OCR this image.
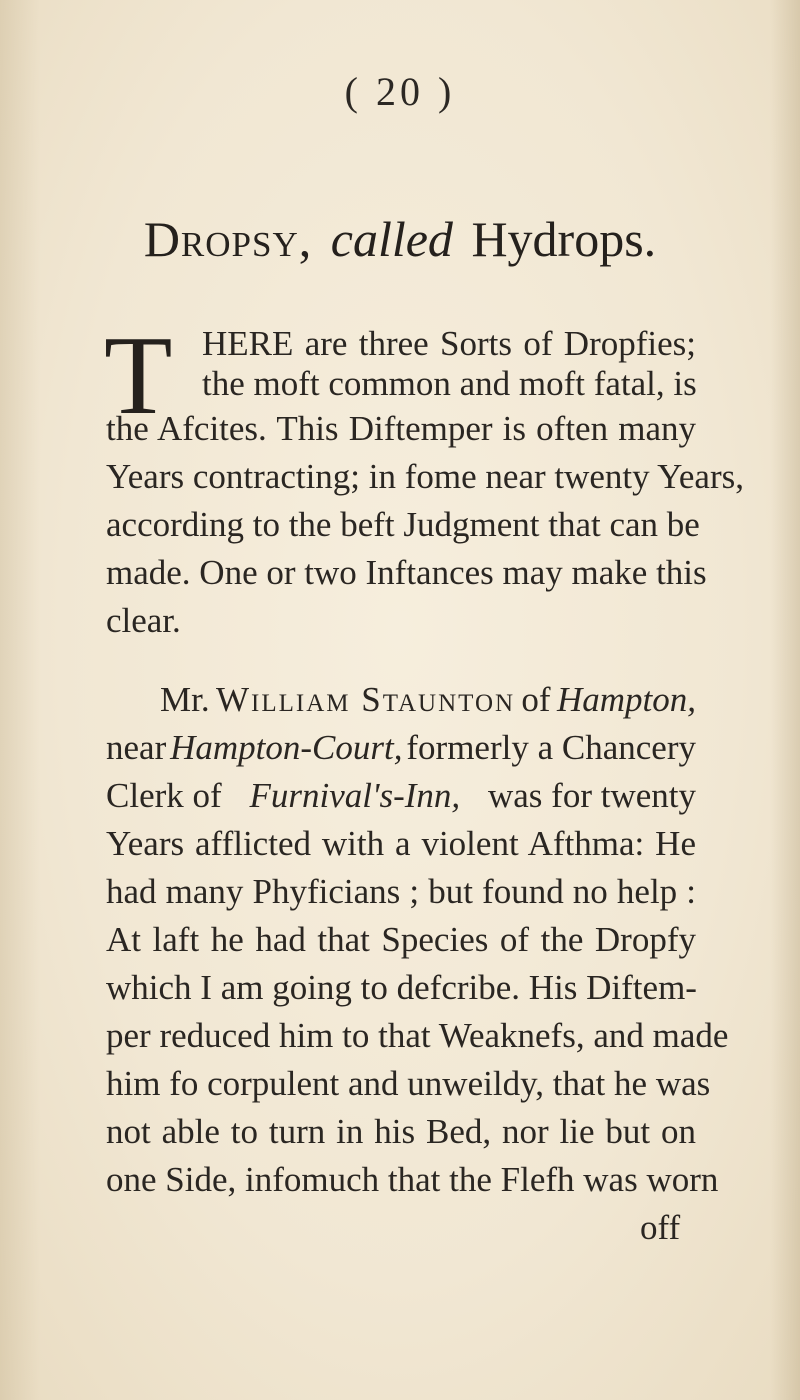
( 20 )
Dropsy, called Hydrops.
T HERE are three Sorts of Dropfies;
the moft common and moft fatal, is
the Afcites. This Diftemper is often many
Years contracting; in fome near twenty Years,
according to the beft Judgment that can be
made. One or two Inftances may make this
clear.
Mr. William Staunton of Hampton,
near Hampton-Court, formerly a Chancery
Clerk of Furnival's-Inn, was for twenty
Years afflicted with a violent Afthma: He
had many Phyficians ; but found no help :
At laft he had that Species of the Dropfy
which I am going to defcribe. His Diftem-
per reduced him to that Weaknefs, and made
him fo corpulent and unweildy, that he was
not able to turn in his Bed, nor lie but on
one Side, infomuch that the Flefh was worn
off
